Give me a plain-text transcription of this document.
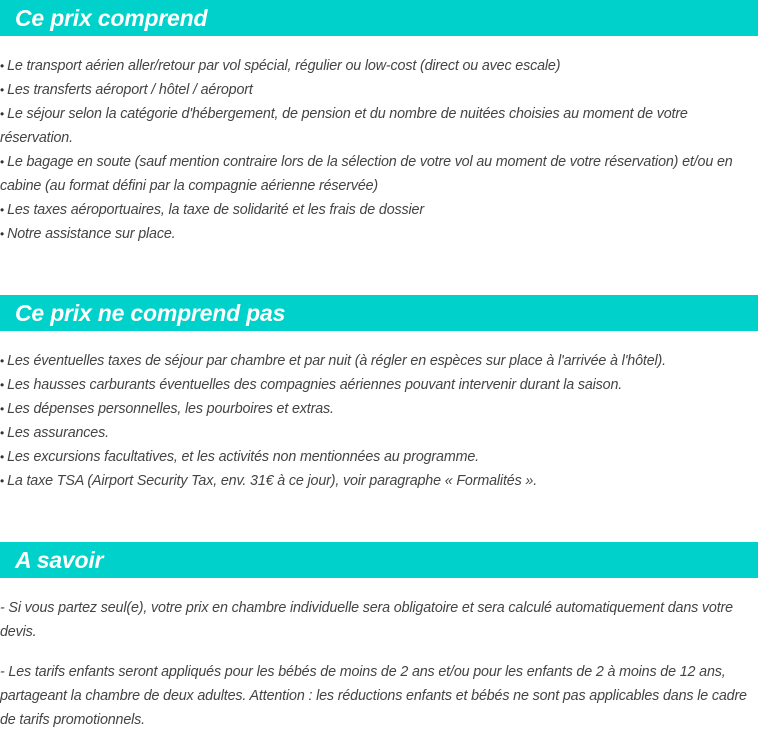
Ce prix comprend
• Le transport aérien aller/retour par vol spécial, régulier ou low-cost (direct ou avec escale)
• Les transferts aéroport / hôtel / aéroport
• Le séjour selon la catégorie d'hébergement, de pension et du nombre de nuitées choisies au moment de votre réservation.
• Le bagage en soute (sauf mention contraire lors de la sélection de votre vol au moment de votre réservation) et/ou en cabine (au format défini par la compagnie aérienne réservée)
• Les taxes aéroportuaires, la taxe de solidarité et les frais de dossier
• Notre assistance sur place.
Ce prix ne comprend pas
• Les éventuelles taxes de séjour par chambre et par nuit (à régler en espèces sur place à l'arrivée à l'hôtel).
• Les hausses carburants éventuelles des compagnies aériennes pouvant intervenir durant la saison.
• Les dépenses personnelles, les pourboires et extras.
• Les assurances.
• Les excursions facultatives, et les activités non mentionnées au programme.
• La taxe TSA (Airport Security Tax, env. 31€ à ce jour), voir paragraphe « Formalités ».
A savoir

- Si vous partez seul(e), votre prix en chambre individuelle sera obligatoire et sera calculé automatiquement dans votre devis.

- Les tarifs enfants seront appliqués pour les bébés de moins de 2 ans et/ou pour les enfants de 2 à moins de 12 ans, partageant la chambre de deux adultes. Attention : les réductions enfants et bébés ne sont pas applicables dans le cadre de tarifs promotionnels.
